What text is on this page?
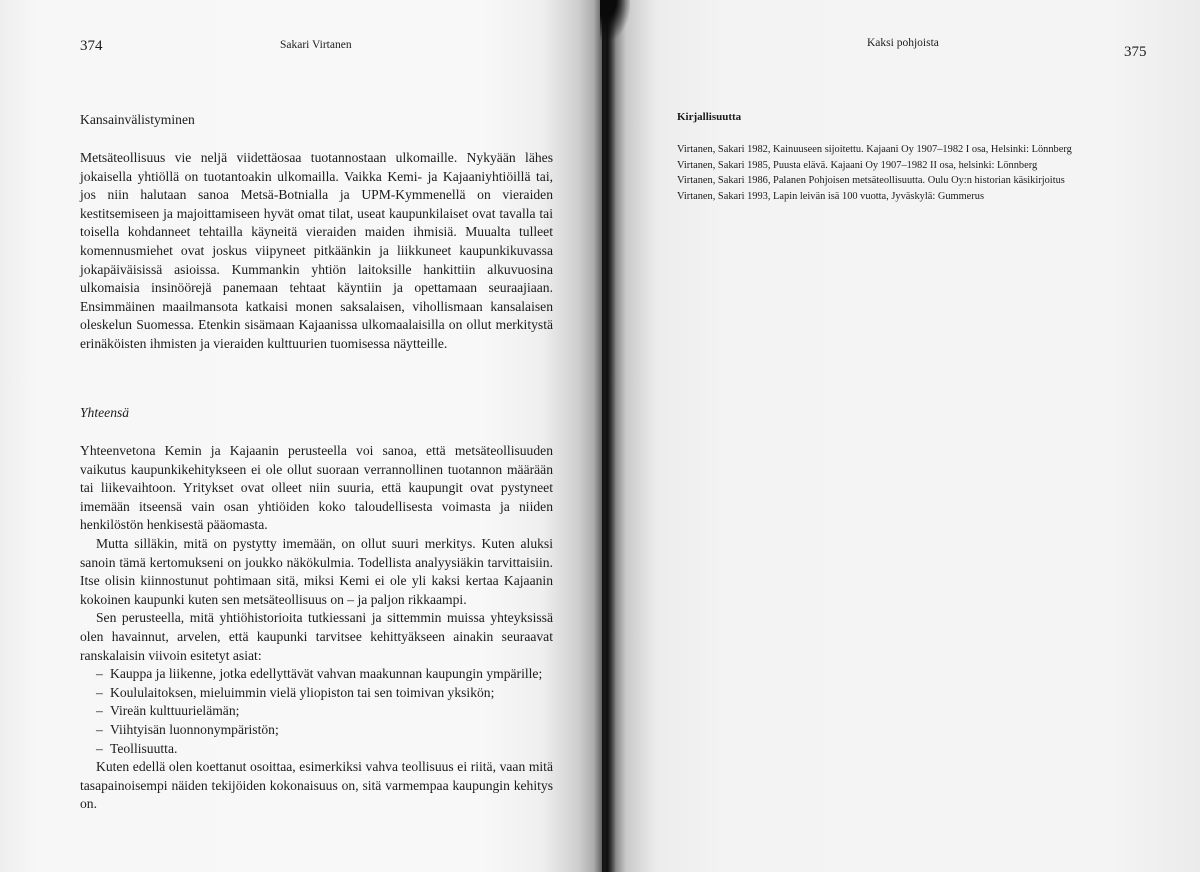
374	Sakari Virtanen
Kansainvälistyminen

Metsäteollisuus vie neljä viidettäosaa tuotannostaan ulkomaille. Nykyään lähes jokaisella yhtiöllä on tuotantoakin ulkomailla. Vaikka Kemi- ja Kajaaniyhtiöillä tai, jos niin halutaan sanoa Metsä-Botnialla ja UPM-Kymmenellä on vieraiden kestitsemiseen ja majoittamiseen hyvät omat tilat, useat kaupunkilaiset ovat tavalla tai toisella kohdanneet tehtailla käyneitä vieraiden maiden ihmisiä. Muualta tulleet komennusmiehet ovat joskus viipyneet pitkäänkin ja liikkuneet kaupunkikuvassa jokapäiväisissä asioissa. Kummankin yhtiön laitoksille hankittiin alkuvuosina ulkomaisia insinöörejä panemaan tehtaat käyntiin ja opettamaan seuraajiaan. Ensimmäinen maailmansota katkaisi monen saksalaisen, vihollismaan kansalaisen oleskelun Suomessa. Etenkin sisämaan Kajaanissa ulkomaalaisilla on ollut merkitystä erinäköisten ihmisten ja vieraiden kulttuurien tuomisessa näytteille.

Yhteensä

Yhteenvetona Kemin ja Kajaanin perusteella voi sanoa, että metsäteollisuuden vaikutus kaupunkikehitykseen ei ole ollut suoraan verrannollinen tuotannon määrään tai liikevaihtoon. Yritykset ovat olleet niin suuria, että kaupungit ovat pystyneet imemään itseensä vain osan yhtiöiden koko taloudellisesta voimasta ja niiden henkilöstön henkisestä pääomasta.

Mutta silläkin, mitä on pystytty imemään, on ollut suuri merkitys. Kuten aluksi sanoin tämä kertomukseni on joukko näkökulmia. Todellista analyysiäkin tarvittaisiin. Itse olisin kiinnostunut pohtimaan sitä, miksi Kemi ei ole yli kaksi kertaa Kajaanin kokoinen kaupunki kuten sen metsäteollisuus on – ja paljon rikkaampi.

Sen perusteella, mitä yhtiöhistorioita tutkiessani ja sittemmin muissa yhteyksissä olen havainnut, arvelen, että kaupunki tarvitsee kehittyäkseen ainakin seuraavat ranskalaisin viivoin esitetyt asiat:

– Kauppa ja liikenne, jotka edellyttävät vahvan maakunnan kaupungin ympärille;
– Koululaitoksen, mieluimmin vielä yliopiston tai sen toimivan yksikön;
– Vireän kulttuurielämän;
– Viihtyisän luonnonympäristön;
– Teollisuutta.

Kuten edellä olen koettanut osoittaa, esimerkiksi vahva teollisuus ei riitä, vaan mitä tasapainoisempi näiden tekijöiden kokonaisuus on, sitä varmempaa kaupungin kehitys on.

Kaksi pohjoista
375
Kirjallisuutta
Virtanen, Sakari 1982, Kainuuseen sijoitettu. Kajaani Oy 1907–1982 I osa, Helsinki: Lönnberg
Virtanen, Sakari 1985, Puusta elävä. Kajaani Oy 1907–1982 II osa, helsinki: Lönnberg
Virtanen, Sakari 1986, Palanen Pohjoisen metsäteollisuutta. Oulu Oy:n historian käsikirjoitus
Virtanen, Sakari 1993, Lapin leivän isä 100 vuotta, Jyväskylä: Gummerus
